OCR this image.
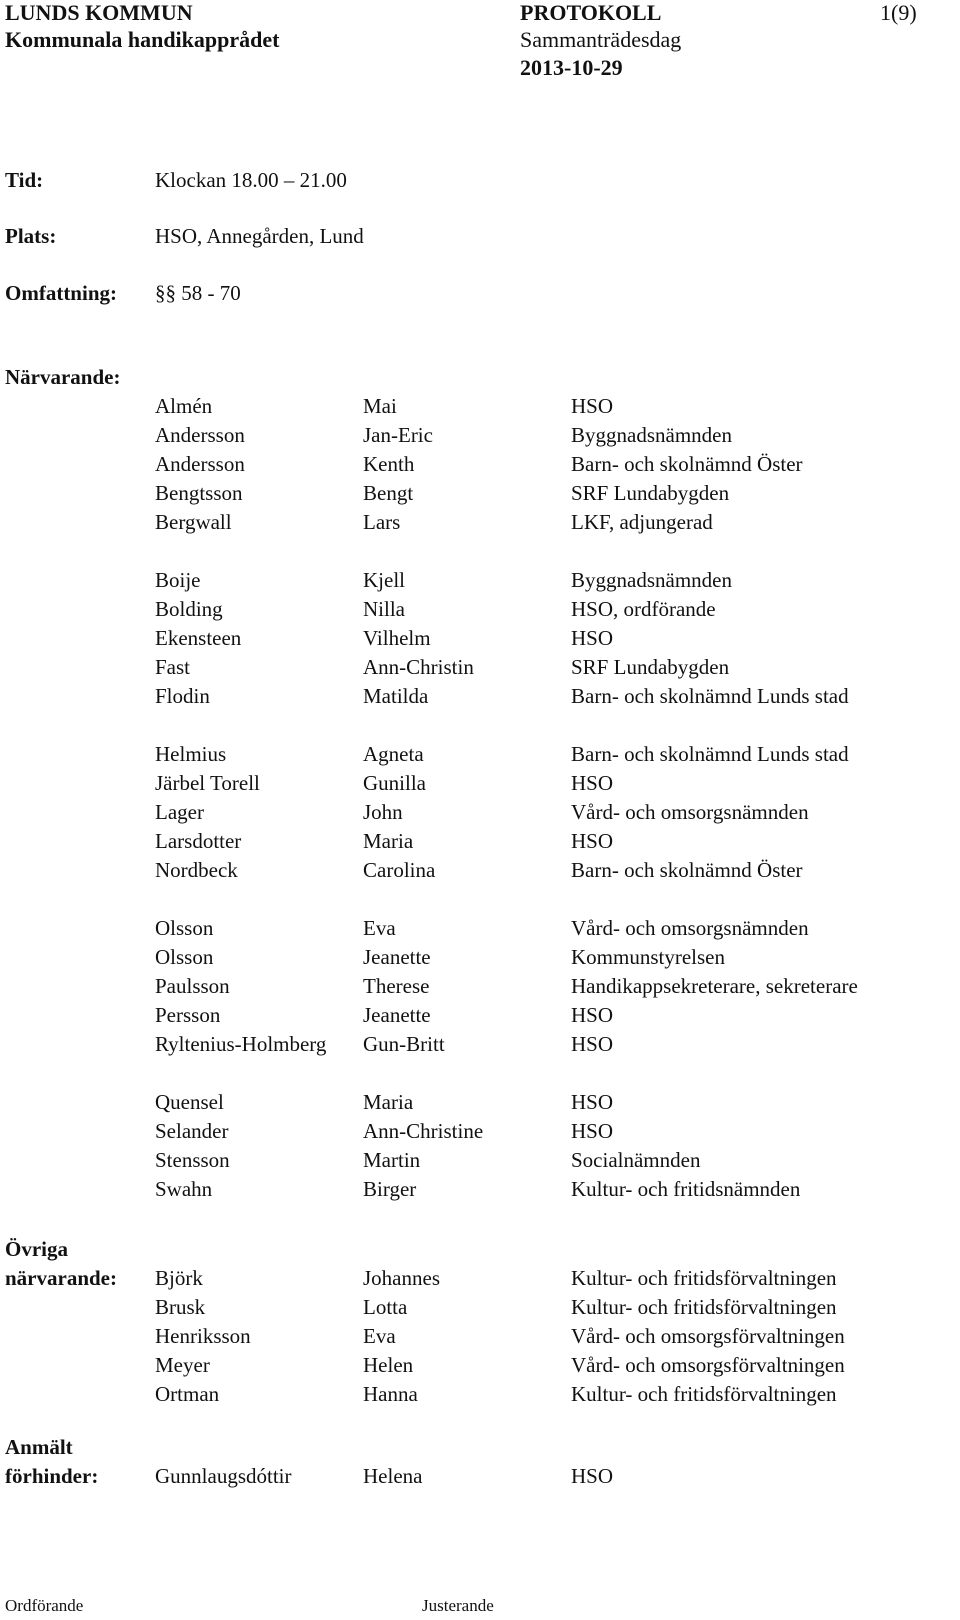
LUNDS KOMMUN
Kommunala handikapprådet
PROTOKOLL
Sammanträdesdag
2013-10-29
1(9)
Tid:	Klockan 18.00 – 21.00
Plats:	HSO, Annegården, Lund
Omfattning: §§ 58 - 70
Närvarande:
Almén	Mai	HSO
Andersson	Jan-Eric	Byggnadsnämnden
Andersson	Kenth	Barn- och skolnämnd Öster
Bengtsson	Bengt	SRF Lundabygden
Bergwall	Lars	LKF, adjungerad
Boije	Kjell	Byggnadsnämnden
Bolding	Nilla	HSO, ordförande
Ekensteen	Vilhelm	HSO
Fast	Ann-Christin	SRF Lundabygden
Flodin	Matilda	Barn- och skolnämnd Lunds stad
Helmius	Agneta	Barn- och skolnämnd Lunds stad
Järbel Torell	Gunilla	HSO
Lager	John	Vård- och omsorgsnämnden
Larsdotter	Maria	HSO
Nordbeck	Carolina	Barn- och skolnämnd Öster
Olsson	Eva	Vård- och omsorgsnämnden
Olsson	Jeanette	Kommunstyrelsen
Paulsson	Therese	Handikappsekreterare, sekreterare
Persson	Jeanette	HSO
Ryltenius-Holmberg	Gun-Britt	HSO
Quensel	Maria	HSO
Selander	Ann-Christine	HSO
Stensson	Martin	Socialnämnden
Swahn	Birger	Kultur- och fritidsnämnden
Övriga
närvarande: Björk	Johannes	Kultur- och fritidsförvaltningen
Brusk	Lotta	Kultur- och fritidsförvaltningen
Henriksson	Eva	Vård- och omsorgsförvaltningen
Meyer	Helen	Vård- och omsorgsförvaltningen
Ortman	Hanna	Kultur- och fritidsförvaltningen
Anmält
förhinder:	Gunnlaugsdóttir	Helena	HSO
Ordförande	Justerande
